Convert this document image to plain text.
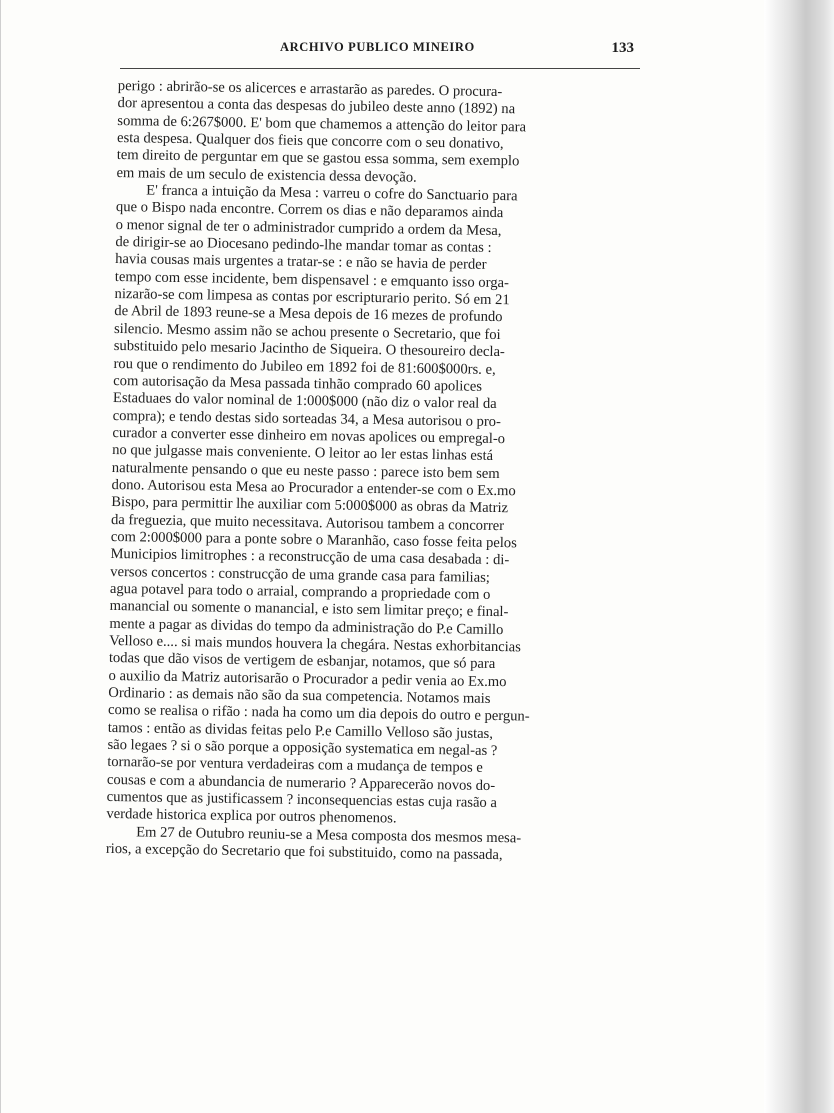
ARCHIVO PUBLICO MINEIRO	133
perigo : abrirão-se os alicerces e arrastarão as paredes. O procura-
dor apresentou a conta das despesas do jubileo deste anno (1892) na
somma de 6:267$000. E' bom que chamemos a attenção do leitor para
esta despesa. Qualquer dos fieis que concorre com o seu donativo,
tem direito de perguntar em que se gastou essa somma, sem exemplo
em mais de um seculo de existencia dessa devoção.
E' franca a intuição da Mesa : varreu o cofre do Sanctuario para
que o Bispo nada encontre. Correm os dias e não deparamos ainda
o menor signal de ter o administrador cumprido a ordem da Mesa,
de dirigir-se ao Diocesano pedindo-lhe mandar tomar as contas :
havia cousas mais urgentes a tratar-se : e não se havia de perder
tempo com esse incidente, bem dispensavel : e emquanto isso orga-
nizarão-se com limpesa as contas por escripturario perito. Só em 21
de Abril de 1893 reune-se a Mesa depois de 16 mezes de profundo
silencio. Mesmo assim não se achou presente o Secretario, que foi
substituido pelo mesario Jacintho de Siqueira. O thesoureiro decla-
rou que o rendimento do Jubileo em 1892 foi de 81:600$000rs. e,
com autorisação da Mesa passada tinhão comprado 60 apolices
Estaduaes do valor nominal de 1:000$000 (não diz o valor real da
compra); e tendo destas sido sorteadas 34, a Mesa autorisou o pro-
curador a converter esse dinheiro em novas apolices ou empregal-o
no que julgasse mais conveniente. O leitor ao ler estas linhas está
naturalmente pensando o que eu neste passo : parece isto bem sem
dono. Autorisou esta Mesa ao Procurador a entender-se com o Ex.mo
Bispo, para permittir lhe auxiliar com 5:000$000 as obras da Matriz
da freguezia, que muito necessitava. Autorisou tambem a concorrer
com 2:000$000 para a ponte sobre o Maranhão, caso fosse feita pelos
Municipios limitrophes : a reconstrucção de uma casa desabada : di-
versos concertos : construcção de uma grande casa para familias;
agua potavel para todo o arraial, comprando a propriedade com o
manancial ou somente o manancial, e isto sem limitar preço; e final-
mente a pagar as dividas do tempo da administração do P.e Camillo
Velloso e.... si mais mundos houvera la chegára. Nestas exhorbitancias
todas que dão visos de vertigem de esbanjar, notamos, que só para
o auxilio da Matriz autorisarão o Procurador a pedir venia ao Ex.mo
Ordinario : as demais não são da sua competencia. Notamos mais
como se realisa o rifão : nada ha como um dia depois do outro e pergun-
tamos : então as dividas feitas pelo P.e Camillo Velloso são justas,
são legaes ? si o são porque a opposição systematica em negal-as ?
tornarão-se por ventura verdadeiras com a mudança de tempos e
cousas e com a abundancia de numerario ? Apparecerão novos do-
cumentos que as justificassem ? inconsequencias estas cuja rasão a
verdade historica explica por outros phenomenos.
Em 27 de Outubro reuniu-se a Mesa composta dos mesmos mesa-
rios, a excepção do Secretario que foi substituido, como na passada,
